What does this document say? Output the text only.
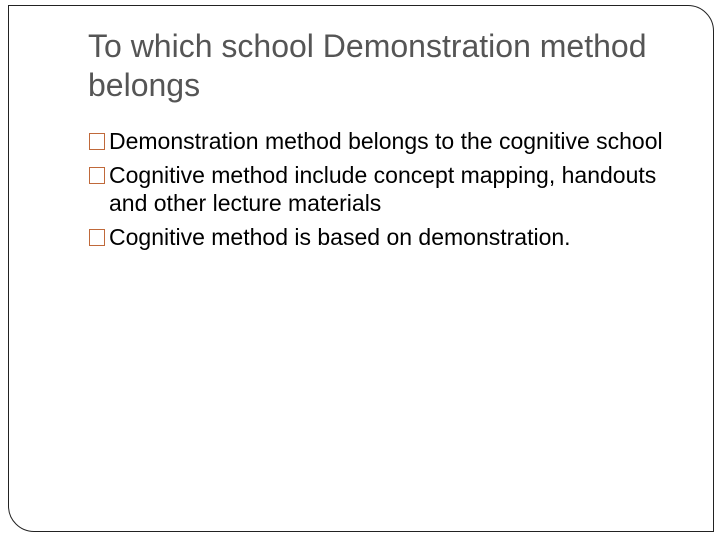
To which school Demonstration method belongs
Demonstration method belongs to the cognitive school
Cognitive method include concept mapping, handouts and other lecture materials
Cognitive method is based on demonstration.
